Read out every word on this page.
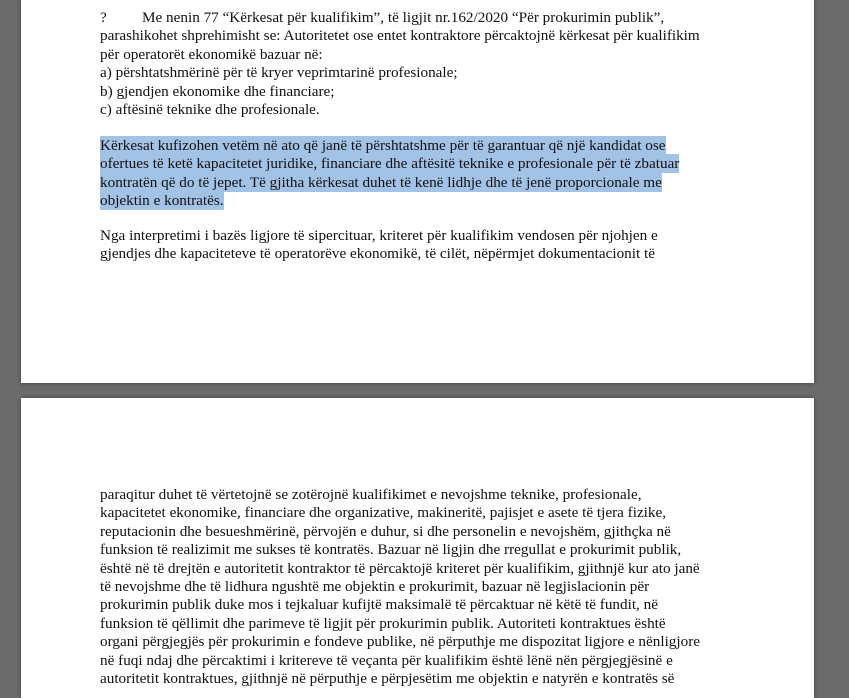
? Me nenin 77 “Kërkesat për kualifikim”, të ligjit nr.162/2020 “Për prokurimin publik”,
parashikohet shprehimisht se: Autoritetet ose entet kontraktore përcaktojnë kërkesat për kualifikim
për operatorët ekonomikë bazuar në:
a) përshtatshmërinë për të kryer veprimtarinë profesionale;
b) gjendjen ekonomike dhe financiare;
c) aftësinë teknike dhe profesionale.
Kërkesat kufizohen vetëm në ato që janë të përshtatshme për të garantuar që një kandidat ose
ofertues të ketë kapacitetet juridike, financiare dhe aftësitë teknike e profesionale për të zbatuar
kontratën që do të jepet. Të gjitha kërkesat duhet të kenë lidhje dhe të jenë proporcionale me
objektin e kontratës.
Nga interpretimi i bazës ligjore të sipercituar, kriteret për kualifikim vendosen për njohjen e
gjendjes dhe kapaciteteve të operatorëve ekonomikë, të cilët, nëpërmjet dokumentacionit të
paraqitur duhet të vërtetojnë se zotërojnë kualifikimet e nevojshme teknike, profesionale,
kapacitetet ekonomike, financiare dhe organizative, makineritë, pajisjet e asete të tjera fizike,
reputacionin dhe besueshmërinë, përvojën e duhur, si dhe personelin e nevojshëm, gjithçka në
funksion të realizimit me sukses të kontratës. Bazuar në ligjin dhe rregullat e prokurimit publik,
është në të drejtën e autoritetit kontraktor të përcaktojë kriteret për kualifikim, gjithnjë kur ato janë
të nevojshme dhe të lidhura ngushtë me objektin e prokurimit, bazuar në legjislacionin për
prokurimin publik duke mos i tejkaluar kufijtë maksimalë të përcaktuar në këtë të fundit, në
funksion të qëllimit dhe parimeve të ligjit për prokurimin publik. Autoriteti kontraktues është
organi përgjegjës për prokurimin e fondeve publike, në përputhje me dispozitat ligjore e nënligjore
në fuqi ndaj dhe përcaktimi i kritereve të veçanta për kualifikim është lënë nën përgjegjësinë e
autoritetit kontraktues, gjithnjë në përputhje e përpjesëtim me objektin e natyrën e kontratës së
